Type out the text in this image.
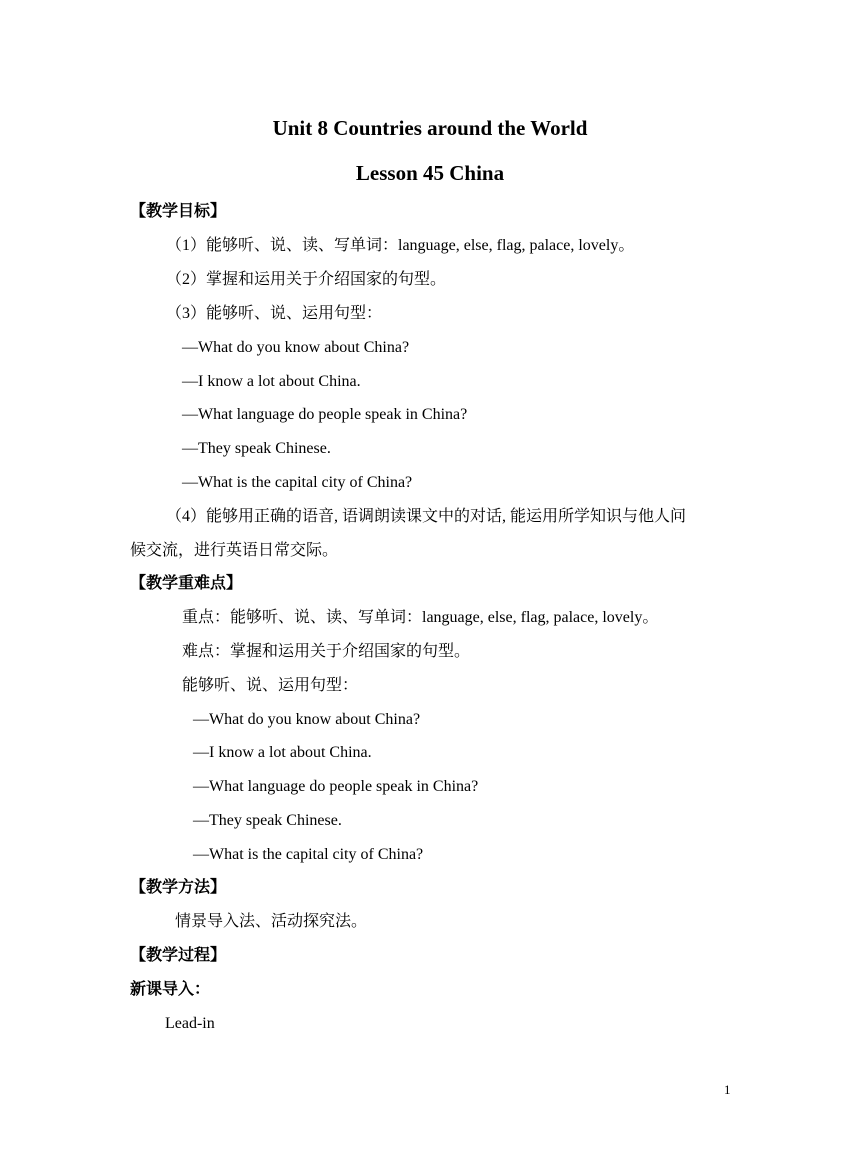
Unit 8 Countries around the World
Lesson 45 China
【教学目标】
（1）能够听、说、读、写单词：language, else, flag, palace, lovely。
（2）掌握和运用关于介绍国家的句型。
（3）能够听、说、运用句型：
—What do you know about China?
—I know a lot about China.
—What language do people speak in China?
—They speak Chinese.
—What is the capital city of China?
（4）能够用正确的语音, 语调朗读课文中的对话, 能运用所学知识与他人问
候交流，进行英语日常交际。
【教学重难点】
重点：能够听、说、读、写单词：language, else, flag, palace, lovely。
难点：掌握和运用关于介绍国家的句型。
能够听、说、运用句型：
—What do you know about China?
—I know a lot about China.
—What language do people speak in China?
—They speak Chinese.
—What is the capital city of China?
【教学方法】
情景导入法、活动探究法。
【教学过程】
新课导入：
Lead-in
1
